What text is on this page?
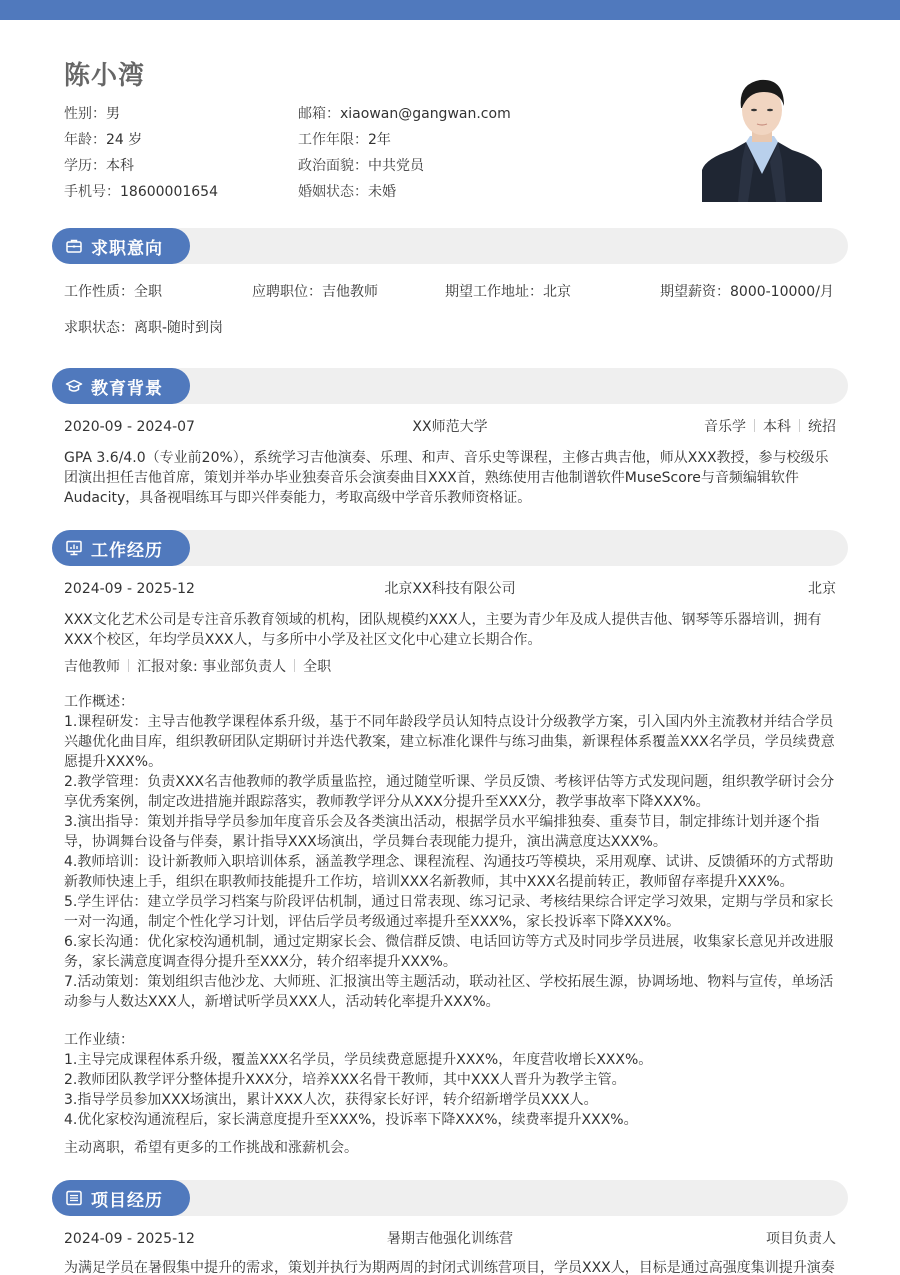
陈小湾
性别：男	邮箱：xiaowan@gangwan.com
年龄：24 岁	工作年限：2年
学历：本科	政治面貌：中共党员
手机号：18600001654	婚姻状态：未婚
求职意向
工作性质：全职	应聘职位：吉他教师	期望工作地址：北京	期望薪资：8000-10000/月
求职状态：离职-随时到岗
教育背景
2020-09 - 2024-07	XX师范大学	音乐学 本科 统招
GPA 3.6/4.0（专业前20%），系统学习吉他演奏、乐理、和声、音乐史等课程，主修古典吉他，师从XXX教授，参与校级乐团演出担任吉他首席，策划并举办毕业独奏音乐会演奏曲目XXX首，熟练使用吉他制谱软件MuseScore与音频编辑软件Audacity，具备视唱练耳与即兴伴奏能力，考取高级中学音乐教师资格证。
工作经历
2024-09 - 2025-12	北京XX科技有限公司	北京
XXX文化艺术公司是专注音乐教育领域的机构，团队规模约XXX人，主要为青少年及成人提供吉他、钢琴等乐器培训，拥有XXX个校区，年均学员XXX人，与多所中小学及社区文化中心建立长期合作。
吉他教师 汇报对象: 事业部负责人 全职
工作概述：
1.课程研发：主导吉他教学课程体系升级，基于不同年龄段学员认知特点设计分级教学方案，引入国内外主流教材并结合学员兴趣优化曲目库，组织教研团队定期研讨并迭代教案，建立标准化课件与练习曲集，新课程体系覆盖XXX名学员，学员续费意愿提升XXX%。
2.教学管理：负责XXX名吉他教师的教学质量监控，通过随堂听课、学员反馈、考核评估等方式发现问题，组织教学研讨会分享优秀案例，制定改进措施并跟踪落实，教师教学评分从XXX分提升至XXX分，教学事故率下降XXX%。
3.演出指导：策划并指导学员参加年度音乐会及各类演出活动，根据学员水平编排独奏、重奏节目，制定排练计划并逐个指导，协调舞台设备与伴奏，累计指导XXX场演出，学员舞台表现能力提升，演出满意度达XXX%。
4.教师培训：设计新教师入职培训体系，涵盖教学理念、课程流程、沟通技巧等模块，采用观摩、试讲、反馈循环的方式帮助新教师快速上手，组织在职教师技能提升工作坊，培训XXX名新教师，其中XXX名提前转正，教师留存率提升XXX%。
5.学生评估：建立学员学习档案与阶段评估机制，通过日常表现、练习记录、考核结果综合评定学习效果，定期与学员和家长一对一沟通，制定个性化学习计划，评估后学员考级通过率提升至XXX%，家长投诉率下降XXX%。
6.家长沟通：优化家校沟通机制，通过定期家长会、微信群反馈、电话回访等方式及时同步学员进展，收集家长意见并改进服务，家长满意度调查得分提升至XXX分，转介绍率提升XXX%。
7.活动策划：策划组织吉他沙龙、大师班、汇报演出等主题活动，联动社区、学校拓展生源，协调场地、物料与宣传，单场活动参与人数达XXX人，新增试听学员XXX人，活动转化率提升XXX%。
工作业绩：
1.主导完成课程体系升级，覆盖XXX名学员，学员续费意愿提升XXX%，年度营收增长XXX%。
2.教师团队教学评分整体提升XXX分，培养XXX名骨干教师，其中XXX人晋升为教学主管。
3.指导学员参加XXX场演出，累计XXX人次，获得家长好评，转介绍新增学员XXX人。
4.优化家校沟通流程后，家长满意度提升至XXX%，投诉率下降XXX%，续费率提升XXX%。
主动离职，希望有更多的工作挑战和涨薪机会。
项目经历
2024-09 - 2025-12	暑期吉他强化训练营	项目负责人
为满足学员在暑假集中提升的需求，策划并执行为期两周的封闭式训练营项目，学员XXX人，目标是通过高强度集训提升演奏
